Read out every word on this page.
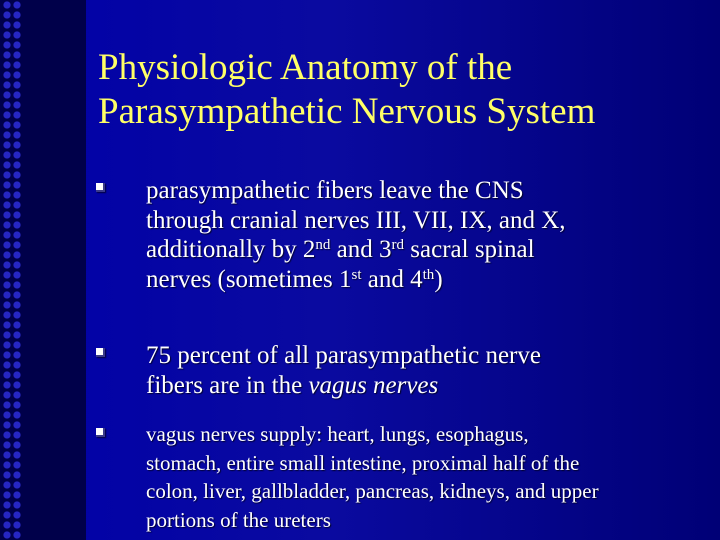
Physiologic Anatomy of the
Parasympathetic Nervous System
parasympathetic fibers leave the CNS
through cranial nerves III, VII, IX, and X,
additionally by 2nd and 3rd sacral spinal
nerves (sometimes 1st and 4th)
75 percent of all parasympathetic nerve
fibers are in the vagus nerves
vagus nerves supply: heart, lungs, esophagus,
stomach, entire small intestine, proximal half of the
colon, liver, gallbladder, pancreas, kidneys, and upper
portions of the ureters
